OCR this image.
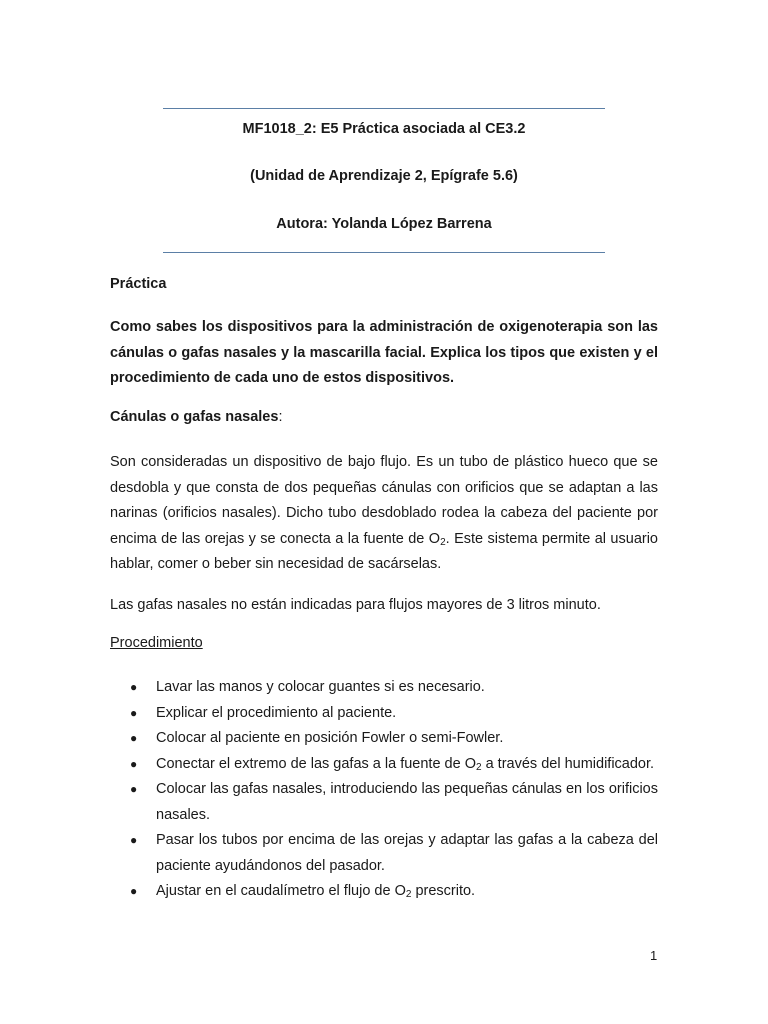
MF1018_2: E5 Práctica asociada al CE3.2
(Unidad de Aprendizaje 2, Epígrafe 5.6)
Autora: Yolanda López Barrena
Práctica
Como sabes los dispositivos para la administración de oxigenoterapia son las cánulas o gafas nasales y la mascarilla facial. Explica los tipos que existen y el procedimiento de cada uno de estos dispositivos.
Cánulas o gafas nasales:
Son consideradas un dispositivo de bajo flujo. Es un tubo de plástico hueco que se desdobla y que consta de dos pequeñas cánulas con orificios que se adaptan a las narinas (orificios nasales). Dicho tubo desdoblado rodea la cabeza del paciente por encima de las orejas y se conecta a la fuente de $O_2$. Este sistema permite al usuario hablar, comer o beber sin necesidad de sacárselas.
Las gafas nasales no están indicadas para flujos mayores de 3 litros minuto.
Procedimiento
● Lavar las manos y colocar guantes si es necesario.
● Explicar el procedimiento al paciente.
● Colocar al paciente en posición Fowler o semi-Fowler.
● Conectar el extremo de las gafas a la fuente de $O_2$ a través del humidificador.
● Colocar las gafas nasales, introduciendo las pequeñas cánulas en los orificios nasales.
● Pasar los tubos por encima de las orejas y adaptar las gafas a la cabeza del paciente ayudándonos del pasador.
● Ajustar en el caudalímetro el flujo de $O_2$ prescrito.
1
